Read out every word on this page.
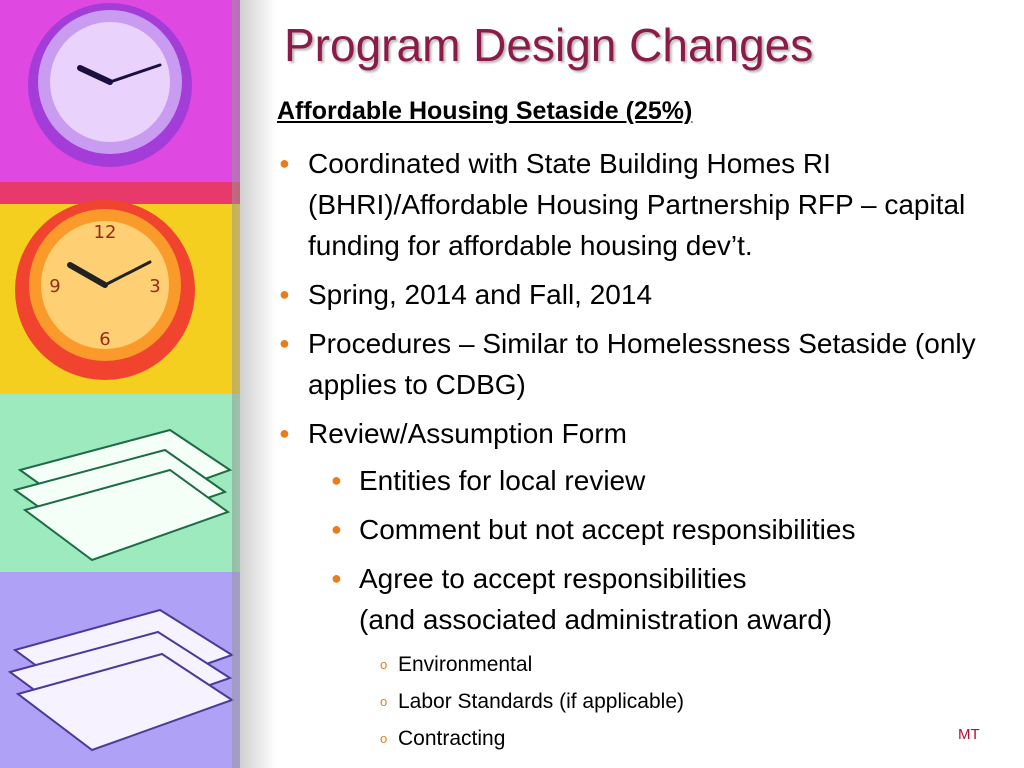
12
3
6
9
Program Design Changes
Affordable Housing Setaside (25%)
● Coordinated with State Building Homes RI (BHRI)/Affordable Housing Partnership RFP – capital funding for affordable housing dev’t.
● Spring, 2014 and Fall, 2014
● Procedures – Similar to Homelessness Setaside (only applies to CDBG)
● Review/Assumption Form
● Entities for local review
● Comment but not accept responsibilities
● Agree to accept responsibilities
(and associated administration award)
o Environmental
o Labor Standards (if applicable)
o Contracting	MT
